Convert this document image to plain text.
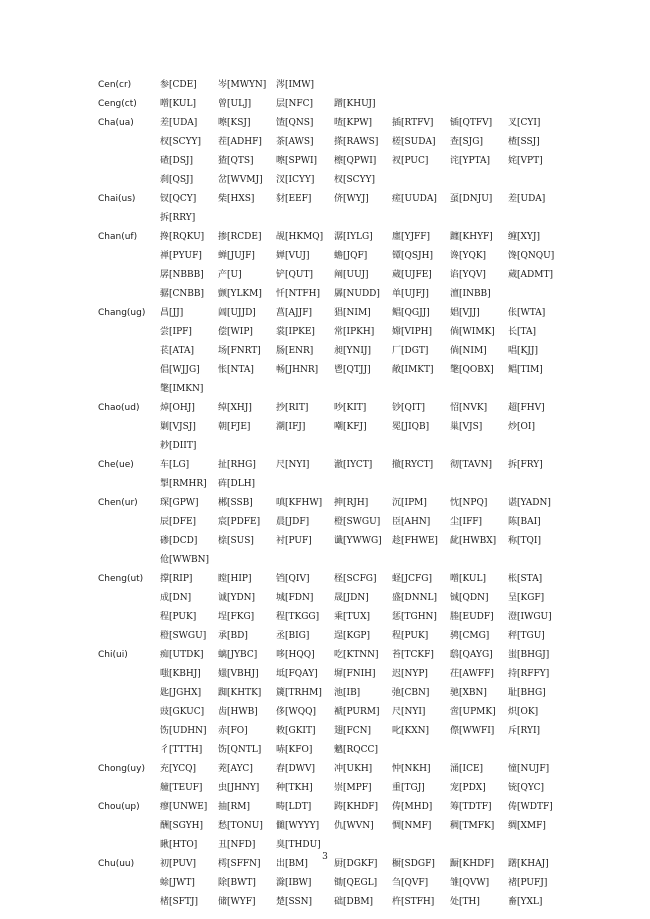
Cen(cr)	参[CDE]	岑[MWYN]	涔[IMW]
Ceng(ct)	噌[KUL]	曾[ULJ]	层[NFC]	蹭[KHUJ]
Cha(ua)	差[UDA]	嚓[KSJ]	馇[QNS]	喳[KPW]	插[RTFV]	锸[QTFV]	叉[CYI]
杈[SCYY]	茬[ADHF]	茶[AWS]	搽[RAWS]	槎[SUDA]	查[SJG]	楂[SSJ]
碴[DSJ]	猹[QTS]	嚓[SPWI]	檫[QPWI]	衩[PUC]	诧[YPTA]	姹[VPT]
刹[QSJ]	岔[WVMJ]	汊[ICYY]	杈[SCYY]
Chai(us)	钗[QCY]	柴[HXS]	豺[EEF]	侪[WYJ]	瘥[UUDA]	虿[DNJU]	差[UDA]
拆[RRY]
Chan(uf)	搀[RQKU]	掺[RCDE]	觇[HKMQ]	潺[IYLG]	廛[YJFF]	躔[KHYF]	缠[XYJ]
禅[PYUF]	蝉[JUJF]	婵[VUJ]	蟾[JQF]	镡[QSJH]	谗[YQK]	馋[QNQU]
孱[NBBB]	产[U]	铲[QUT]	阐[UUJ]	蒇[UJFE]	谄[YQV]	蒇[ADMT]
骣[CNBB]	颤[YLKM]	忏[NTFH]	羼[NUDD]	单[UJFJ]	澶[INBB]
Chang(ug)	昌[JJ]	阊[UJJD]	菖[AJJF]	猖[NIM]	鲳[QGJJ]	娼[VJJ]	伥[WTA]
尝[IPF]	偿[WIP]	裳[IPKE]	常[IPKH]	嫦[VIPH]	倘[WIMK]	长[TA]
苌[ATA]	场[FNRT]	肠[ENR]	昶[YNIJ]	厂[DGT]	倘[NIM]	唱[KJJ]
倡[WJJG]	怅[NTA]	畅[JHNR]	鬯[QTJJ]	敞[IMKT]	氅[QOBX]	鲳[TIM]
氅[IMKN]
Chao(ud)	焯[OHJ]	绰[XHJ]	抄[RIT]	吵[KIT]	钞[QIT]	怊[NVK]	超[FHV]
剿[VJSJ]	朝[FJE]	潮[IFJ]	嘲[KFJ]	冕[JIQB]	巢[VJS]	炒[OI]
耖[DIIT]
Che(ue)	车[LG]	扯[RHG]	尺[NYI]	澈[IYCT]	撤[RYCT]	彻[TAVN]	拆[FRY]
掣[RMHR]	砗[DLH]
Chen(ur)	琛[GPW]	郴[SSB]	嗔[KFHW]	抻[RJH]	沉[IPM]	忱[NPQ]	谌[YADN]
辰[DFE]	宸[PDFE]	晨[JDF]	橙[SWGU]	臣[AHN]	尘[IFF]	陈[BAI]
碜[DCD]	榇[SUS]	衬[PUF]	谶[YWWG]	趁[FHWE]	龀[HWBX]	称[TQI]
伧[WWBN]
Cheng(ut)	撑[RIP]	瞠[HIP]	铛[QIV]	柽[SCFG]	蛏[JCFG]	噌[KUL]	枨[STA]
成[DN]	诚[YDN]	城[FDN]	晟[JDN]	盛[DNNL]	铖[QDN]	呈[KGF]
程[PUK]	埕[FKG]	程[TKGG]	乘[TUX]	惩[TGHN]	塍[EUDF]	澄[IWGU]
橙[SWGU]	承[BD]	丞[BIG]	逞[KGP]	程[PUK]	骋[CMG]	秤[TGU]
Chi(ui)	痴[UTDK]	螭[JYBC]	哆[HQQ]	吃[KTNN]	苔[TCKF]	鸱[QAYG]	蚩[BHGJ]
嗤[KBHJ]	媸[VBHJ]	坻[FQAY]	墀[FNIH]	迟[NYP]	茌[AWFF]	持[RFFY]
匙[JGHX]	踟[KHTK]	篪[TRHM]	池[IB]	弛[CBN]	驰[XBN]	耻[BHG]
豉[GKUC]	齿[HWB]	侈[WQQ]	褫[PURM]	尺[NYI]	啻[UPMK]	炽[OK]
饬[UDHN]	赤[FO]	敕[GKIT]	翅[FCN]	叱[KXN]	傺[WWFI]	斥[RYI]
彳[TTTH]	饬[QNTL]	哧[KFO]	魑[RQCC]
Chong(uy)	充[YCQ]	茺[AYC]	舂[DWV]	冲[UKH]	忡[NKH]	涌[ICE]	憧[NUJF]
艟[TEUF]	虫[JHNY]	种[TKH]	崇[MPF]	重[TGJ]	宠[PDX]	铳[QYC]
Chou(up)	瘳[UNWE]	抽[RM]	畴[LDT]	踌[KHDF]	俦[MHD]	筹[TDTF]	俦[WDTF]
酬[SGYH]	愁[TONU]	雠[WYYY]	仇[WVN]	惆[NMF]	稠[TMFK]	绸[XMF]
瞅[HTO]	丑[NFD]	臭[THDU]
Chu(uu)	初[PUV]	樗[SFFN]	出[BM]	厨[DGKF]	橱[SDGF]	蹰[KHDF]	躇[KHAJ]
蜍[JWT]	除[BWT]	滁[IBW]	锄[QEGL]	刍[QVF]	雏[QVW]	褚[PUFJ]
楮[SFTJ]	储[WYF]	楚[SSN]	础[DBM]	杵[STFH]	处[TH]	畜[YXL]
3
